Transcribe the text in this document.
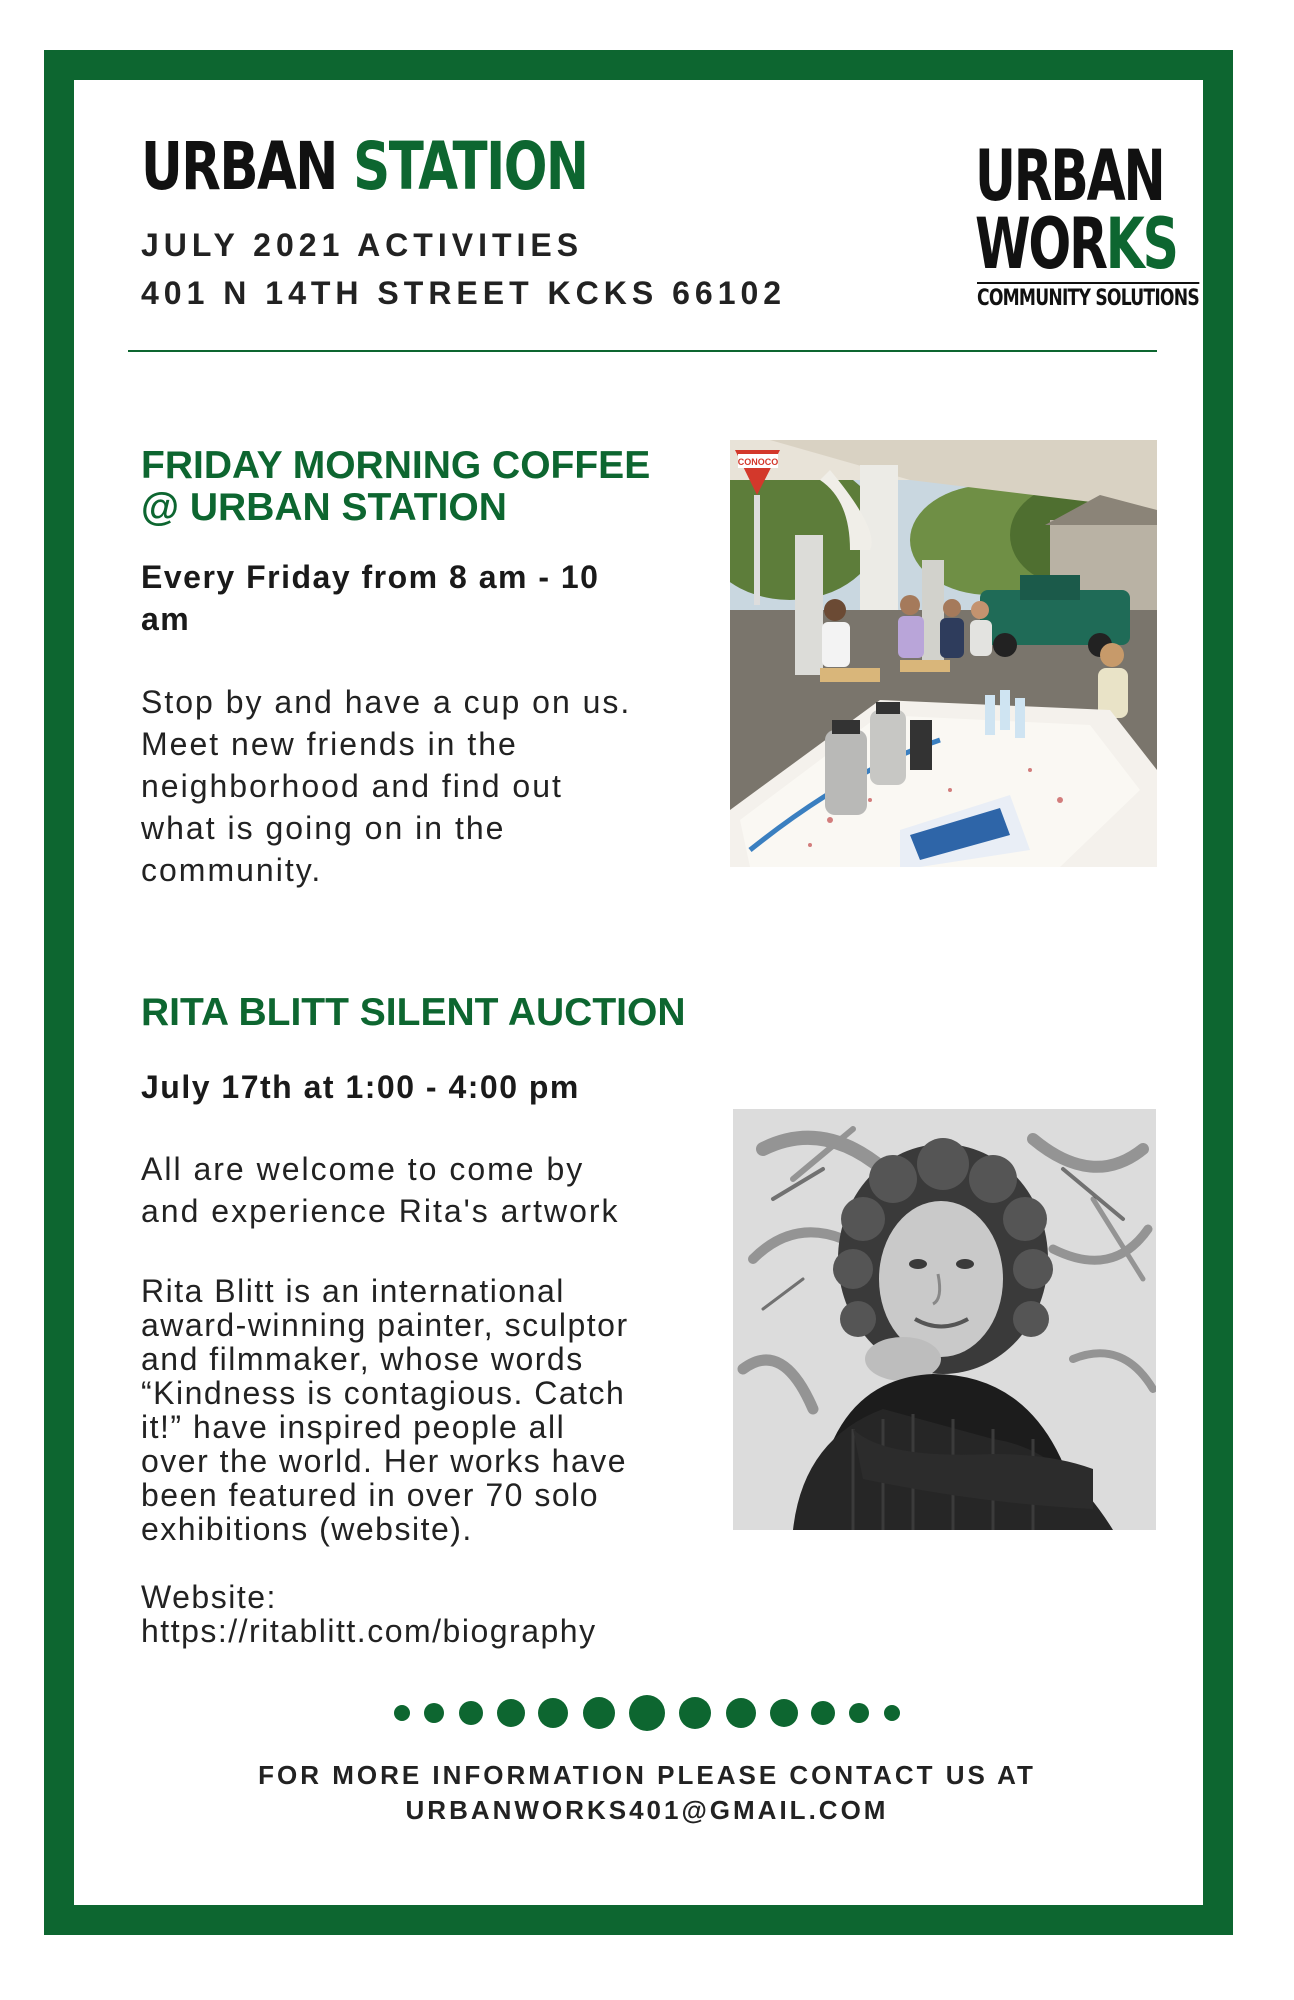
URBAN STATION

JULY 2021 ACTIVITIES

401 N 14TH STREET KCKS 66102

URBAN
WORKS
COMMUNITY SOLUTIONS

FRIDAY MORNING COFFEE

@ URBAN STATION

Every Friday from 8 am - 10

am

Stop by and have a cup on us.

Meet new friends in the

neighborhood and find out

what is going on in the

community.

CONOCO

RITA BLITT SILENT AUCTION

July 17th at 1:00 - 4:00 pm

All are welcome to come by

and experience Rita's artwork

Rita Blitt is an international

award-winning painter, sculptor

and filmmaker, whose words

“Kindness is contagious. Catch

it!” have inspired people all

over the world. Her works have

been featured in over 70 solo

exhibitions (website).

Website:

https://ritablitt.com/biography

FOR MORE INFORMATION PLEASE CONTACT US AT

URBANWORKS401@GMAIL.COM
